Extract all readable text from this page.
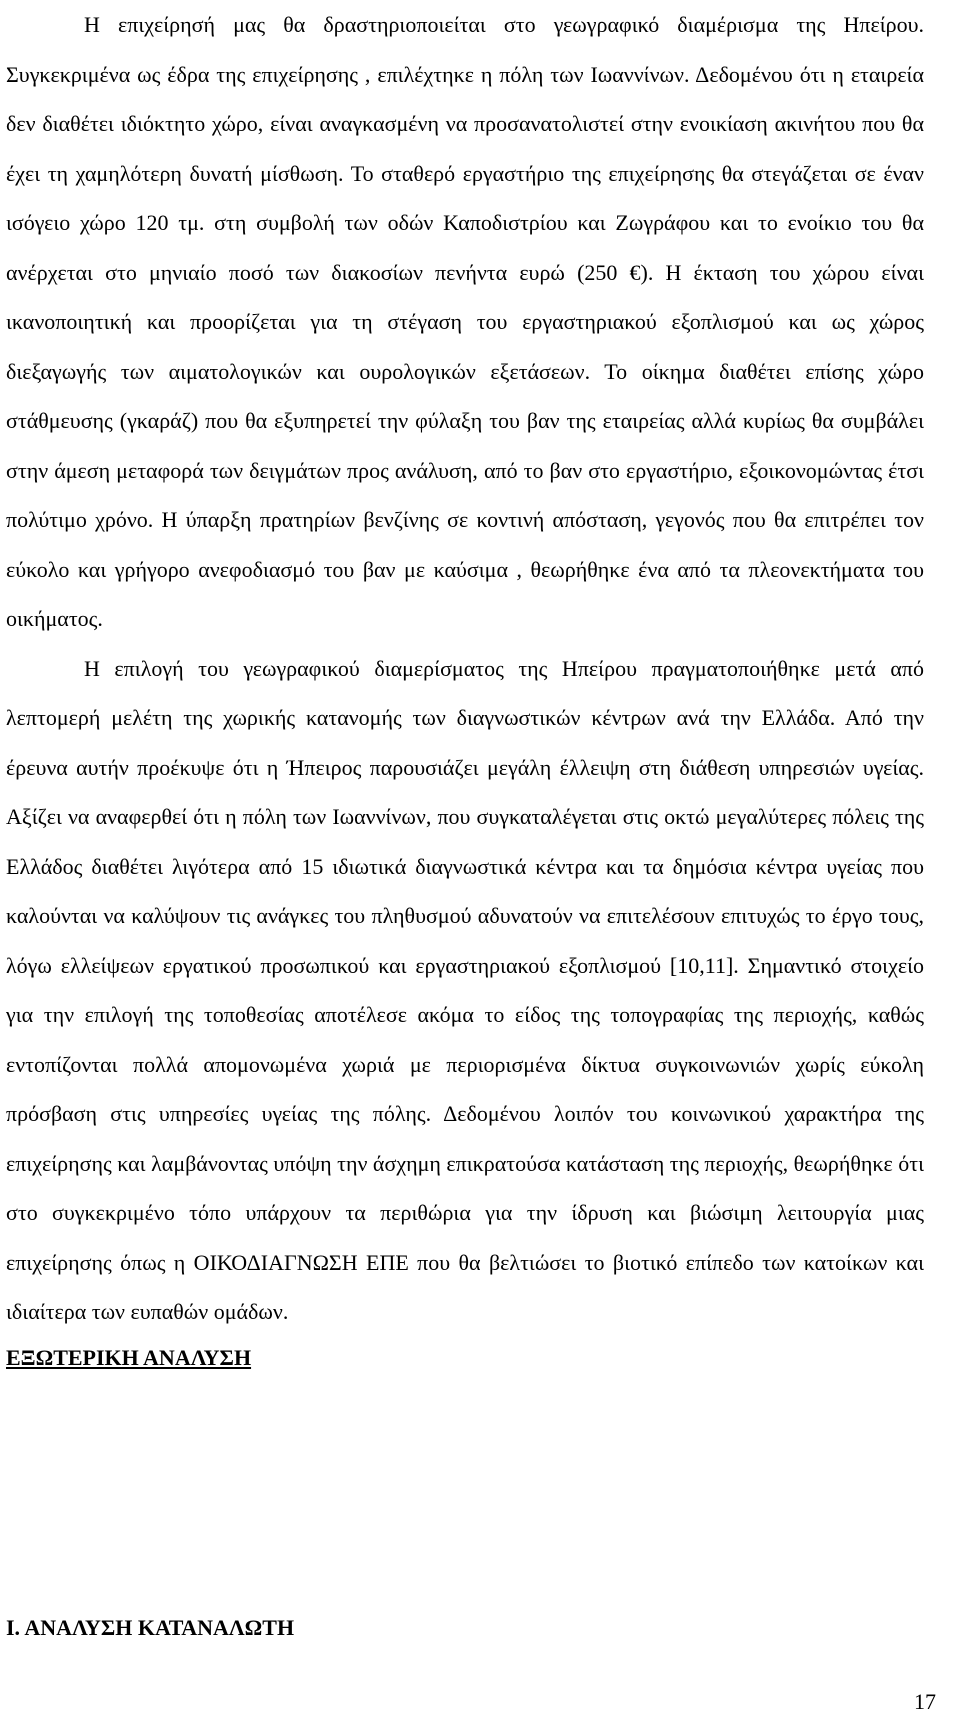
Η επιχείρησή μας θα δραστηριοποιείται στο γεωγραφικό διαμέρισμα της Ηπείρου. Συγκεκριμένα ως έδρα της επιχείρησης , επιλέχτηκε η πόλη των Ιωαννίνων. Δεδομένου ότι η εταιρεία δεν διαθέτει ιδιόκτητο χώρο, είναι αναγκασμένη να προσανατολιστεί στην ενοικίαση ακινήτου που θα έχει τη χαμηλότερη δυνατή μίσθωση. Το σταθερό εργαστήριο της επιχείρησης θα στεγάζεται σε έναν ισόγειο χώρο 120 τμ. στη συμβολή των οδών Καποδιστρίου και Ζωγράφου και το ενοίκιο του θα ανέρχεται στο μηνιαίο ποσό των διακοσίων πενήντα ευρώ (250 €). Η έκταση του χώρου είναι ικανοποιητική και προορίζεται για τη στέγαση του εργαστηριακού εξοπλισμού και ως χώρος διεξαγωγής των αιματολογικών και ουρολογικών εξετάσεων. Το οίκημα διαθέτει επίσης χώρο στάθμευσης (γκαράζ) που θα εξυπηρετεί την φύλαξη του βαν της εταιρείας αλλά κυρίως θα συμβάλει στην άμεση μεταφορά των δειγμάτων προς ανάλυση, από το βαν στο εργαστήριο, εξοικονομώντας έτσι πολύτιμο χρόνο. Η ύπαρξη πρατηρίων βενζίνης σε κοντινή απόσταση, γεγονός που θα επιτρέπει τον εύκολο και γρήγορο ανεφοδιασμό του βαν με καύσιμα , θεωρήθηκε ένα από τα πλεονεκτήματα του οικήματος.

Η επιλογή του γεωγραφικού διαμερίσματος της Ηπείρου πραγματοποιήθηκε μετά από λεπτομερή μελέτη της χωρικής κατανομής των διαγνωστικών κέντρων ανά την Ελλάδα. Από την έρευνα αυτήν προέκυψε ότι η Ήπειρος παρουσιάζει μεγάλη έλλειψη στη διάθεση υπηρεσιών υγείας. Αξίζει να αναφερθεί ότι η πόλη των Ιωαννίνων, που συγκαταλέγεται στις οκτώ μεγαλύτερες πόλεις της Ελλάδος διαθέτει λιγότερα από 15 ιδιωτικά διαγνωστικά κέντρα και τα δημόσια κέντρα υγείας που καλούνται να καλύψουν τις ανάγκες του πληθυσμού αδυνατούν να επιτελέσουν επιτυχώς το έργο τους, λόγω ελλείψεων εργατικού προσωπικού και εργαστηριακού εξοπλισμού [10,11]. Σημαντικό στοιχείο για την επιλογή της τοποθεσίας αποτέλεσε ακόμα το είδος της τοπογραφίας της περιοχής, καθώς εντοπίζονται πολλά απομονωμένα χωριά με περιορισμένα δίκτυα συγκοινωνιών χωρίς εύκολη πρόσβαση στις υπηρεσίες υγείας της πόλης. Δεδομένου λοιπόν του κοινωνικού χαρακτήρα της επιχείρησης και λαμβάνοντας υπόψη την άσχημη επικρατούσα κατάσταση της περιοχής, θεωρήθηκε ότι στο συγκεκριμένο τόπο υπάρχουν τα περιθώρια για την ίδρυση και βιώσιμη λειτουργία μιας επιχείρησης όπως η ΟΙΚΟΔΙΑΓΝΩΣΗ ΕΠΕ που θα βελτιώσει το βιοτικό επίπεδο των κατοίκων και ιδιαίτερα των ευπαθών ομάδων.

ΕΞΩΤΕΡΙΚΗ ΑΝΑΛΥΣΗ
Ι. ΑΝΑΛΥΣΗ ΚΑΤΑΝΑΛΩΤΗ
17
